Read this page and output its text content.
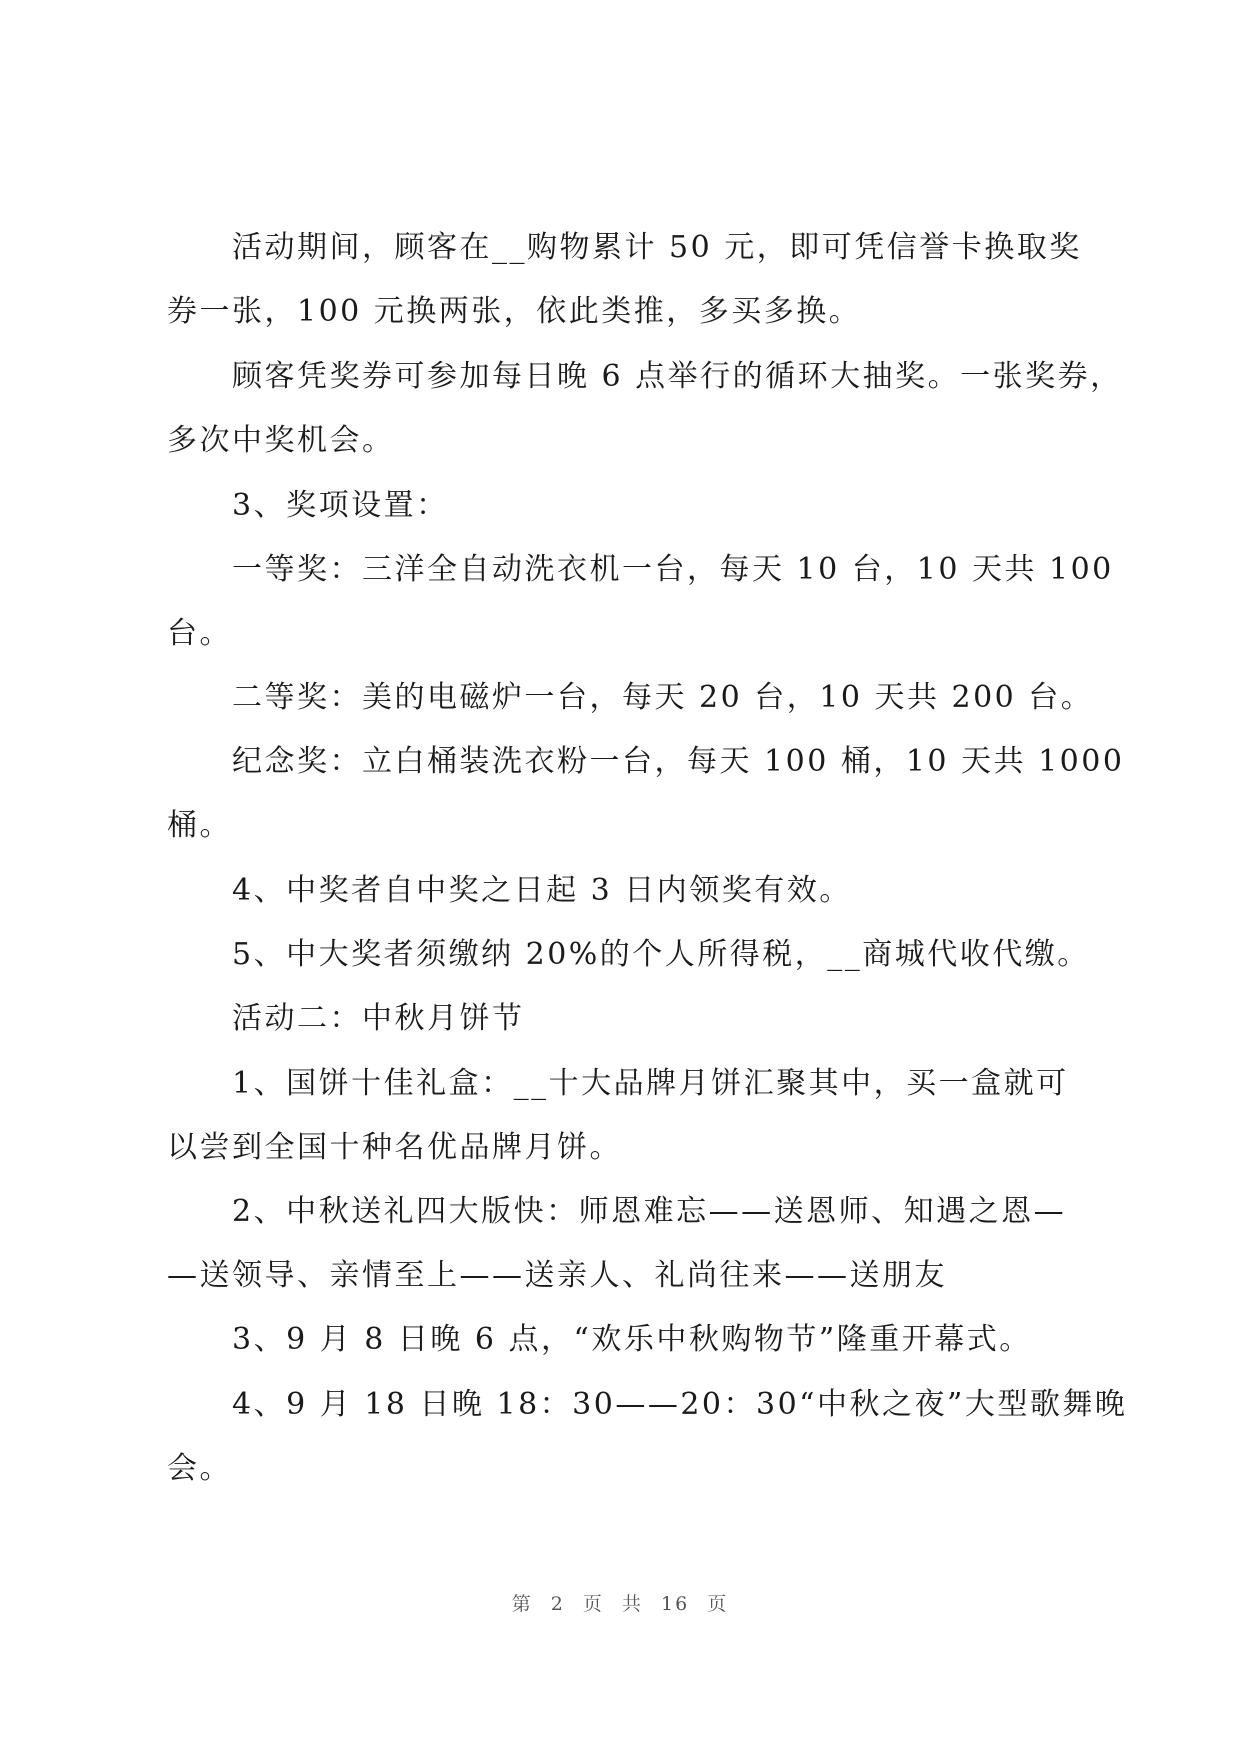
活动期间，顾客在__购物累计 50 元，即可凭信誉卡换取奖
券一张，100 元换两张，依此类推，多买多换。
顾客凭奖券可参加每日晚 6 点举行的循环大抽奖。一张奖券，
多次中奖机会。
3、奖项设置：
一等奖：三洋全自动洗衣机一台，每天 10 台，10 天共 100
台。
二等奖：美的电磁炉一台，每天 20 台，10 天共 200 台。
纪念奖：立白桶装洗衣粉一台，每天 100 桶，10 天共 1000
桶。
4、中奖者自中奖之日起 3 日内领奖有效。
5、中大奖者须缴纳 20%的个人所得税，__商城代收代缴。
活动二：中秋月饼节
1、国饼十佳礼盒：__十大品牌月饼汇聚其中，买一盒就可
以尝到全国十种名优品牌月饼。
2、中秋送礼四大版快：师恩难忘——送恩师、知遇之恩—
—送领导、亲情至上——送亲人、礼尚往来——送朋友
3、9 月 8 日晚 6 点，“欢乐中秋购物节”隆重开幕式。
4、9 月 18 日晚 18：30——20：30“中秋之夜”大型歌舞晚
会。
第 2 页 共 16 页
